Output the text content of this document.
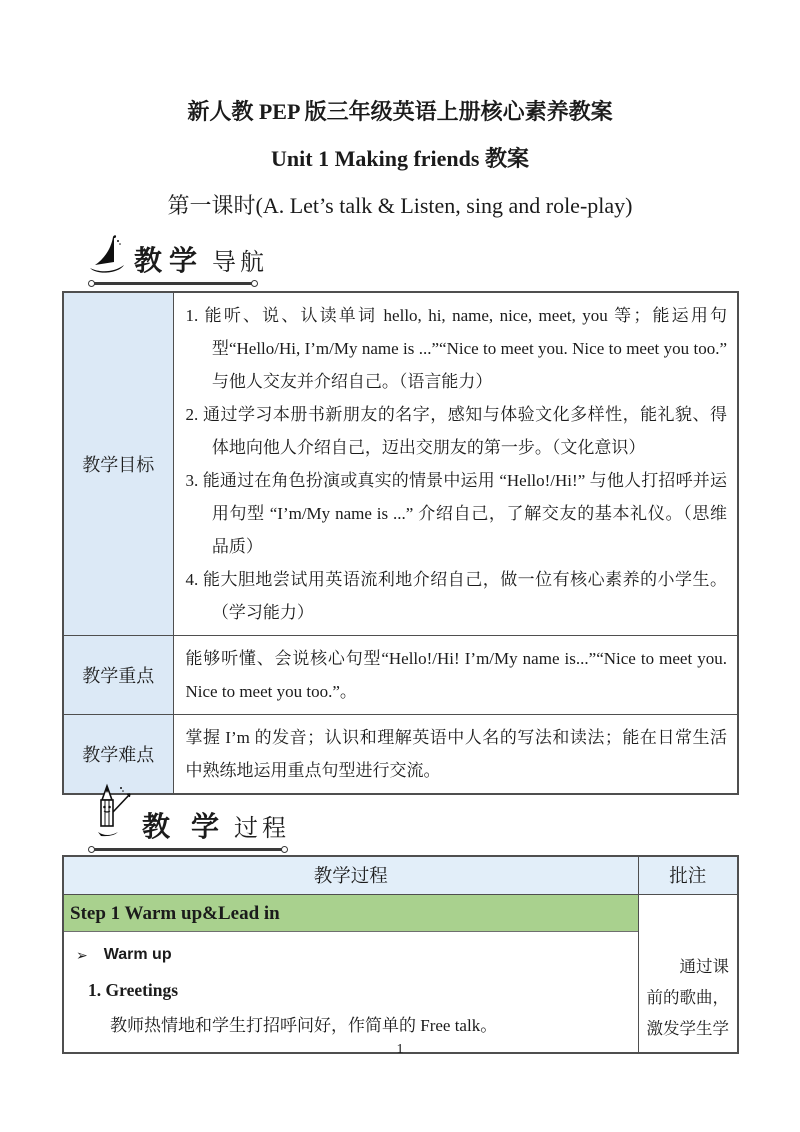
新人教 PEP 版三年级英语上册核心素养教案
Unit 1 Making friends 教案
第一课时(A. Let’s talk & Listen, sing and role-play)
教学 导航
教学目标	1. 能听、说、认读单词 hello, hi, name, nice, meet, you 等；能运用句型“Hello/Hi, I’m/My name is ...”“Nice to meet you. Nice to meet you too.” 与他人交友并介绍自己。（语言能力）
2. 通过学习本册书新朋友的名字，感知与体验文化多样性，能礼貌、得体地向他人介绍自己，迈出交朋友的第一步。（文化意识）
3. 能通过在角色扮演或真实的情景中运用 “Hello!/Hi!” 与他人打招呼并运用句型 “I’m/My name is ...” 介绍自己，了解交友的基本礼仪。（思维品质）
4. 能大胆地尝试用英语流利地介绍自己，做一位有核心素养的小学生。（学习能力）

教学重点	能够听懂、会说核心句型“Hello!/Hi! I’m/My name is...”“Nice to meet you. Nice to meet you too.”。
教学难点	掌握 I’m 的发音；认识和理解英语中人名的写法和读法；能在日常生活中熟练地运用重点句型进行交流。
教 学 过程
教学过程	批注

Step 1 Warm up&Lead in
➢ Warm up
1. Greetings
教师热情地和学生打招呼问好，作简单的 Free talk。	通过课前的歌曲，激发学生学
1
